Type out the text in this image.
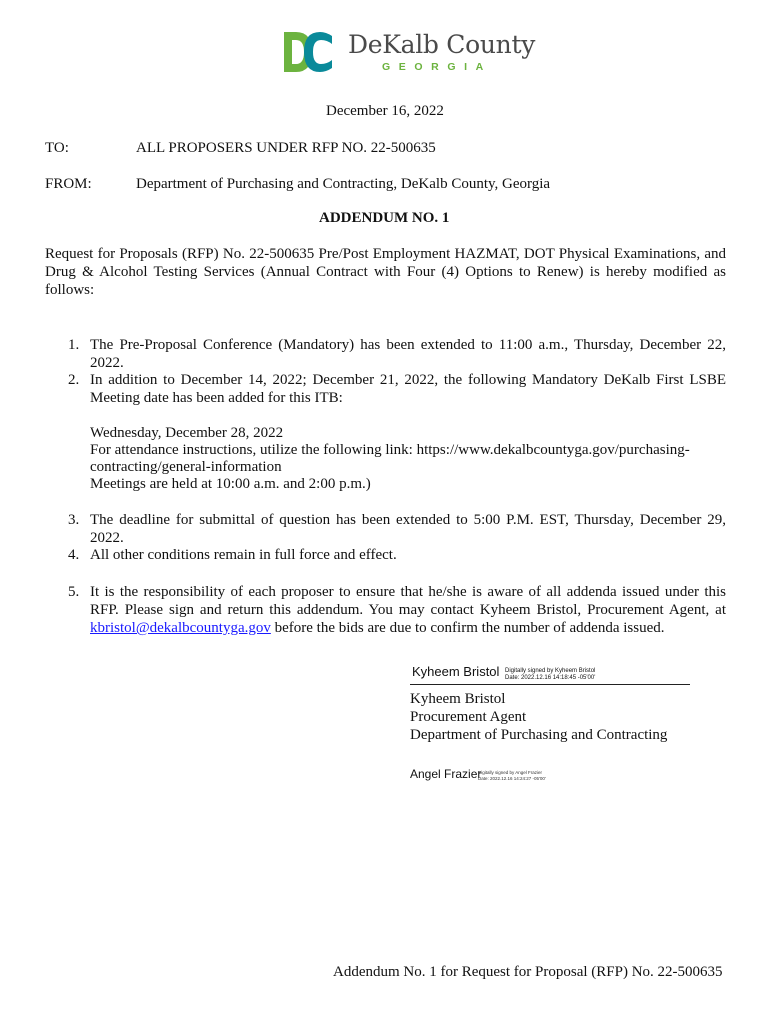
DeKalb County
GEORGIA
December 16, 2022
TO:	ALL PROPOSERS UNDER RFP NO. 22-500635
FROM:	Department of Purchasing and Contracting, DeKalb County, Georgia
ADDENDUM NO. 1
Request for Proposals (RFP) No. 22-500635 Pre/Post Employment HAZMAT, DOT Physical Examinations, and Drug & Alcohol Testing Services (Annual Contract with Four (4) Options to Renew) is hereby modified as follows:
1. The Pre-Proposal Conference (Mandatory) has been extended to 11:00 a.m., Thursday, December 22, 2022.
2. In addition to December 14, 2022; December 21, 2022, the following Mandatory DeKalb First LSBE Meeting date has been added for this ITB:
Wednesday, December 28, 2022
For attendance instructions, utilize the following link: https://www.dekalbcountyga.gov/purchasing-
contracting/general-information
Meetings are held at 10:00 a.m. and 2:00 p.m.)
3. The deadline for submittal of question has been extended to 5:00 P.M. EST, Thursday, December 29, 2022.
4. All other conditions remain in full force and effect.
5. It is the responsibility of each proposer to ensure that he/she is aware of all addenda issued under this RFP. Please sign and return this addendum. You may contact Kyheem Bristol, Procurement Agent, at kbristol@dekalbcountyga.gov before the bids are due to confirm the number of addenda issued.
Kyheem Bristol Digitally signed by Kyheem Bristol
Date: 2022.12.16 14:18:45 -05'00'
Kyheem Bristol
Procurement Agent
Department of Purchasing and Contracting
Angel Frazier
Digitally signed by Angel Frazier
Date: 2022.12.16 14:24:27 -05'00'
Addendum No. 1 for Request for Proposal (RFP) No. 22-500635
